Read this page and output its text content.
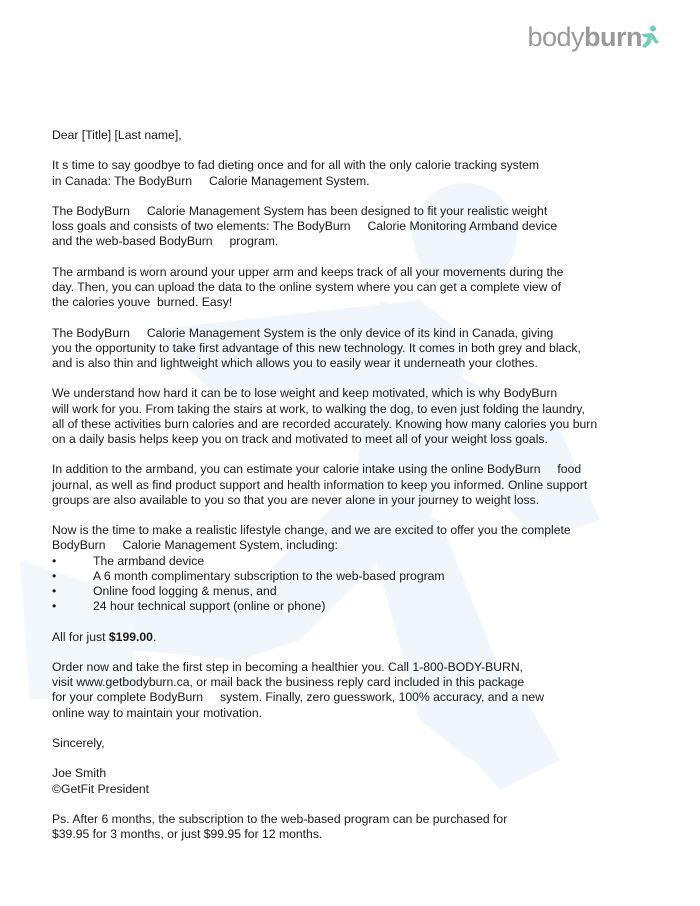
body burn

Dear [Title] [Last name],

It s time to say goodbye to fad dieting once and for all with the only calorie tracking system
in Canada: The BodyBurn     Calorie Management System.

The BodyBurn     Calorie Management System has been designed to fit your realistic weight
loss goals and consists of two elements: The BodyBurn     Calorie Monitoring Armband device
and the web-based BodyBurn     program.

The armband is worn around your upper arm and keeps track of all your movements during the
day. Then, you can upload the data to the online system where you can get a complete view of
the calories youve  burned. Easy!

The BodyBurn     Calorie Management System is the only device of its kind in Canada, giving
you the opportunity to take first advantage of this new technology. It comes in both grey and black,
and is also thin and lightweight which allows you to easily wear it underneath your clothes.

We understand how hard it can be to lose weight and keep motivated, which is why BodyBurn
will work for you. From taking the stairs at work, to walking the dog, to even just folding the laundry,
all of these activities burn calories and are recorded accurately. Knowing how many calories you burn
on a daily basis helps keep you on track and motivated to meet all of your weight loss goals.

In addition to the armband, you can estimate your calorie intake using the online BodyBurn     food
journal, as well as find product support and health information to keep you informed. Online support
groups are also available to you so that you are never alone in your journey to weight loss.

Now is the time to make a realistic lifestyle change, and we are excited to offer you the complete
BodyBurn     Calorie Management System, including:

•	The armband device
•	A 6 month complimentary subscription to the web-based program
•	Online food logging & menus, and
•	24 hour technical support (online or phone)

All for just $199.00.

Order now and take the first step in becoming a healthier you. Call 1-800-BODY-BURN,
visit www.getbodyburn.ca, or mail back the business reply card included in this package
for your complete BodyBurn     system. Finally, zero guesswork, 100% accuracy, and a new
online way to maintain your motivation.

Sincerely,

Joe Smith
©GetFit President

Ps. After 6 months, the subscription to the web-based program can be purchased for
$39.95 for 3 months, or just $99.95 for 12 months.
